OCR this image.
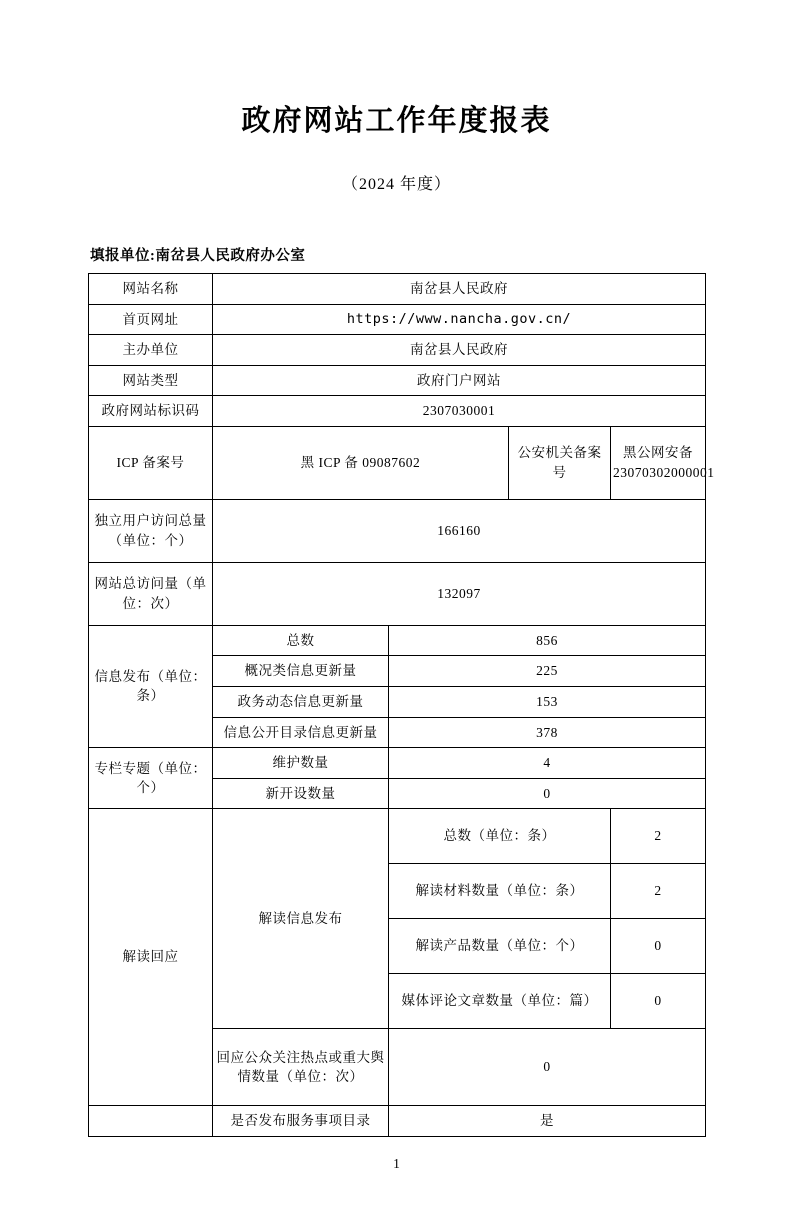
政府网站工作年度报表
（2024 年度）
填报单位:南岔县人民政府办公室
网站名称	南岔县人民政府			
首页网址	https://www.nancha.gov.cn/			
主办单位	南岔县人民政府			
网站类型	政府门户网站			
政府网站标识码	2307030001			
ICP 备案号	黑 ICP 备 09087602		公安机关备案号	黑公网安备23070302000001
独立用户访问总量（单位：个）	166160			
网站总访问量（单位：次）	132097			
信息发布（单位：条）	总数	856		
	概况类信息更新量	225		
	政务动态信息更新量	153		
	信息公开目录信息更新量	378		
专栏专题（单位：个）	维护数量	4		
	新开设数量	0		
解读回应	解读信息发布	总数（单位：条）		2
		解读材料数量（单位：条）		2
		解读产品数量（单位：个）		0
		媒体评论文章数量（单位：篇）		0
	回应公众关注热点或重大舆情数量（单位：次）	0		
	是否发布服务事项目录	是		
1
